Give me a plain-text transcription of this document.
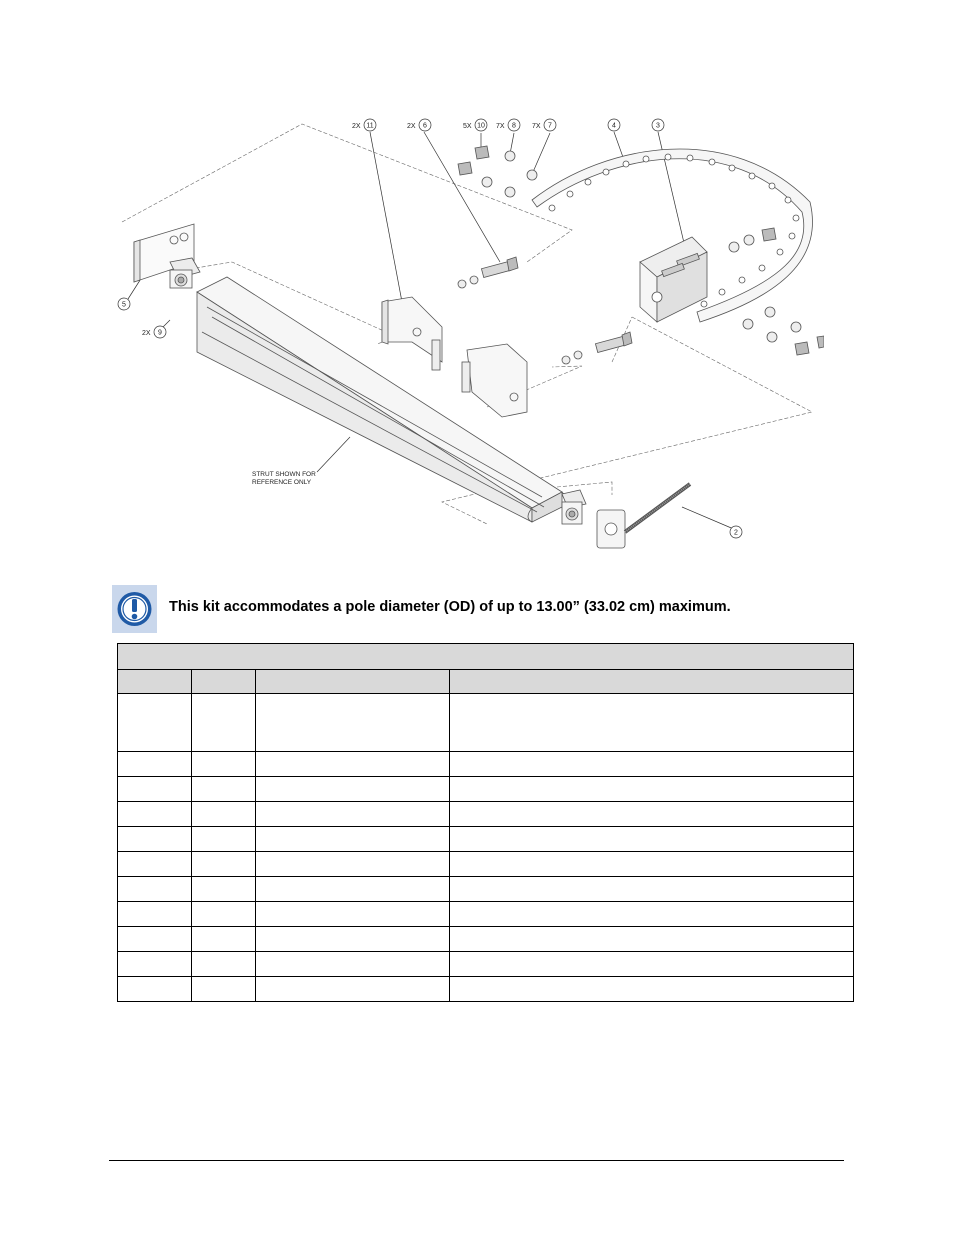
2X	2X	5X	7X	7X
2X
11	6	10	8	7	4	3
5
9
2
STRUT SHOWN FOR
REFERENCE ONLY
This kit accommodates a pole diameter (OD) of up to 13.00” (33.02 cm) maximum.
